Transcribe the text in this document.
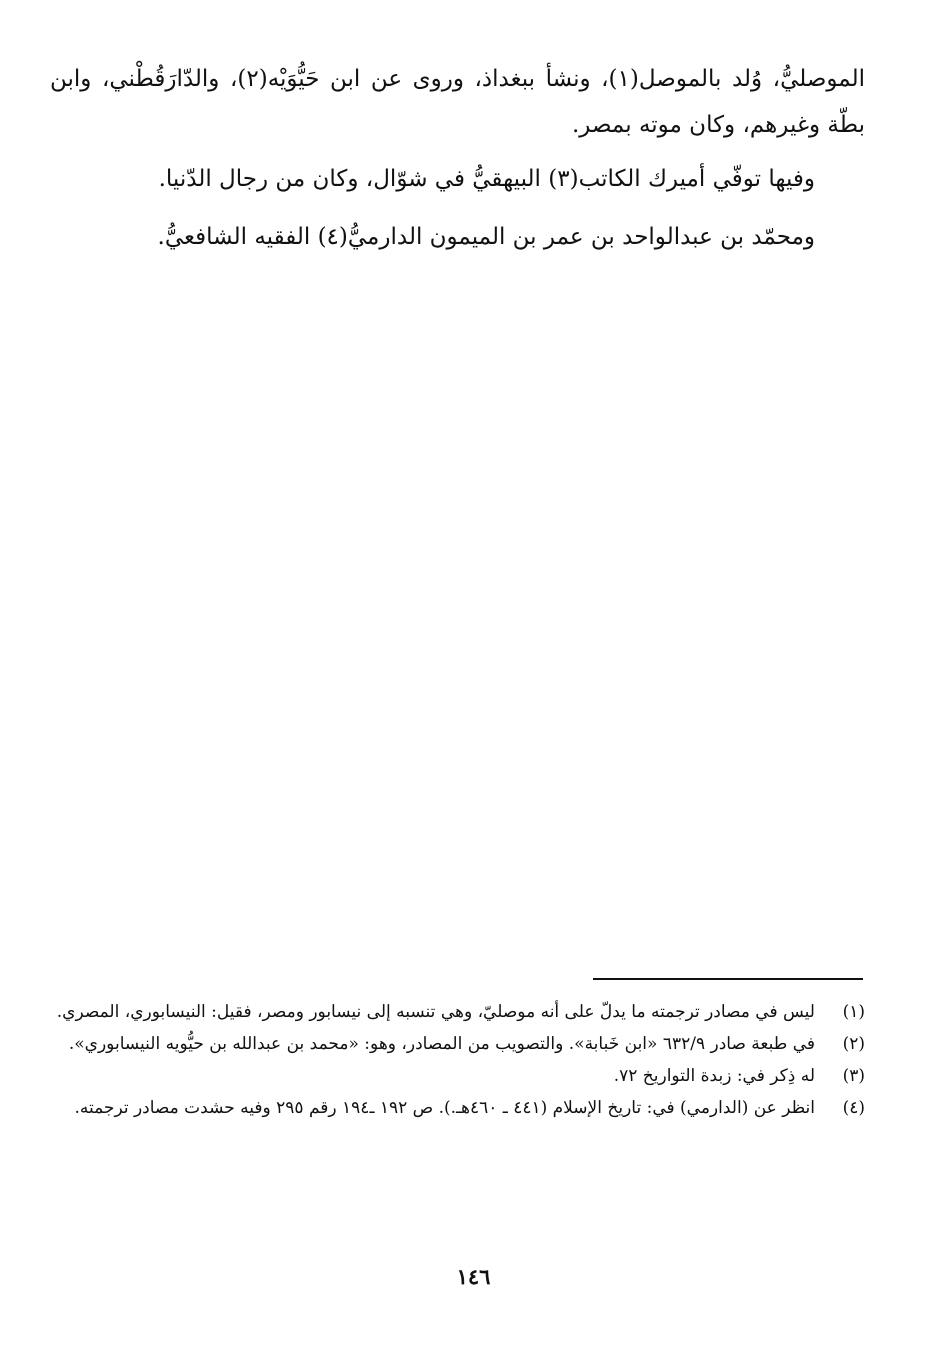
الموصليُّ، وُلد بالموصل(١)، ونشأ ببغداذ، وروى عن ابن حَيُّوَيْه(٢)، والدّارَقُطْني، وابن بطّة وغيرهم، وكان موته بمصر.

وفيها توفّي أميرك الكاتب(٣) البيهقيُّ في شوّال، وكان من رجال الدّنيا.

ومحمّد بن عبدالواحد بن عمر بن الميمون الدارميُّ(٤) الفقيه الشافعيُّ.

(١)
ليس في مصادر ترجمته ما يدلّ على أنه موصليّ، وهي تنسبه إلى نيسابور ومصر، فقيل: النيسابوري، المصري.
(٢)
في طبعة صادر ٦٣٢/٩ «ابن خَبابة». والتصويب من المصادر، وهو: «محمد بن عبدالله بن حيُّويه النيسابوري».
(٣)
له ذِكر في: زبدة التواريخ ٧٢.
(٤)
انظر عن (الدارمي) في: تاريخ الإسلام (٤٤١ ـ ٤٦٠هـ.). ص ١٩٢ ـ١٩٤ رقم ٢٩٥ وفيه حشدت مصادر ترجمته.
١٤٦
